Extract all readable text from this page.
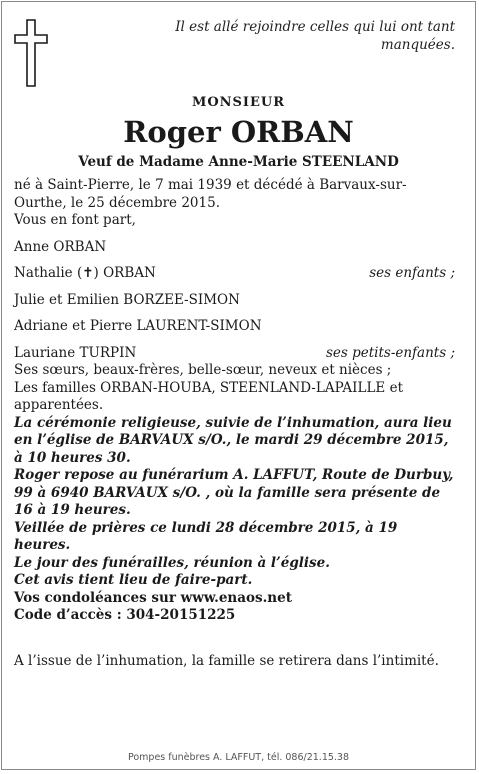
Il est allé rejoindre celles qui lui ont tant manquées.
MONSIEUR
Roger ORBAN
Veuf de Madame Anne-Marie STEENLAND

né à Saint-Pierre, le 7 mai 1939 et décédé à Barvaux-sur-Ourthe, le 25 décembre 2015.

Vous en font part,

Anne ORBAN
Nathalie (✝) ORBAN	ses enfants ;
Julie et Emilien BORZEE-SIMON
Adriane et Pierre LAURENT-SIMON
Lauriane TURPIN	ses petits-enfants ;

Ses sœurs, beaux-frères, belle-sœur, neveux et nièces ;

Les familles ORBAN-HOUBA, STEENLAND-LAPAILLE et apparentées.

La cérémonie religieuse, suivie de l’inhumation, aura lieu en l’église de BARVAUX s/O., le mardi 29 décembre 2015, à 10 heures 30.

Roger repose au funérarium A. LAFFUT, Route de Durbuy, 99 à 6940 BARVAUX s/O. , où la famille sera présente de 16 à 19 heures.

Veillée de prières ce lundi 28 décembre 2015, à 19 heures.

Le jour des funérailles, réunion à l’église.

Cet avis tient lieu de faire-part.

Vos condoléances sur www.enaos.net

Code d’accès : 304-20151225

A l’issue de l’inhumation, la famille se retirera dans l’intimité.

Pompes funèbres A. LAFFUT, tél. 086/21.15.38
